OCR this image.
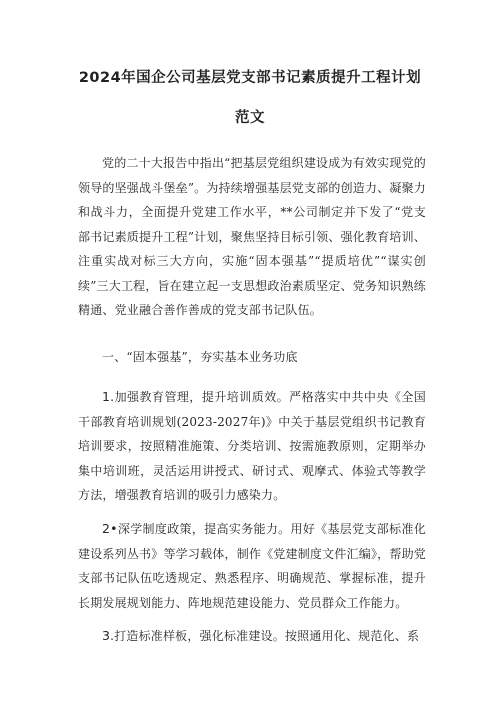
2024年国企公司基层党支部书记素质提升工程计划
范文

党的二十大报告中指出“把基层党组织建设成为有效实现党的领导的坚强战斗堡垒”。为持续增强基层党支部的创造力、凝聚力和战斗力，全面提升党建工作水平，**公司制定并下发了“党支部书记素质提升工程”计划，聚焦坚持目标引领、强化教育培训、注重实战对标三大方向，实施“固本强基”“提质培优”“谋实创续”三大工程，旨在建立起一支思想政治素质坚定、党务知识熟练精通、党业融合善作善成的党支部书记队伍。

一、“固本强基”，夯实基本业务功底

1.加强教育管理，提升培训质效。严格落实中共中央《全国干部教育培训规划(2023-2027年)》中关于基层党组织书记教育培训要求，按照精准施策、分类培训、按需施教原则，定期举办集中培训班，灵活运用讲授式、研讨式、观摩式、体验式等教学方法，增强教育培训的吸引力感染力。

2•深学制度政策，提高实务能力。用好《基层党支部标准化建设系列丛书》等学习载体，制作《党建制度文件汇编》，帮助党支部书记队伍吃透规定、熟悉程序、明确规范、掌握标准，提升长期发展规划能力、阵地规范建设能力、党员群众工作能力。

3.打造标准样板，强化标准建设。按照通用化、规范化、系
